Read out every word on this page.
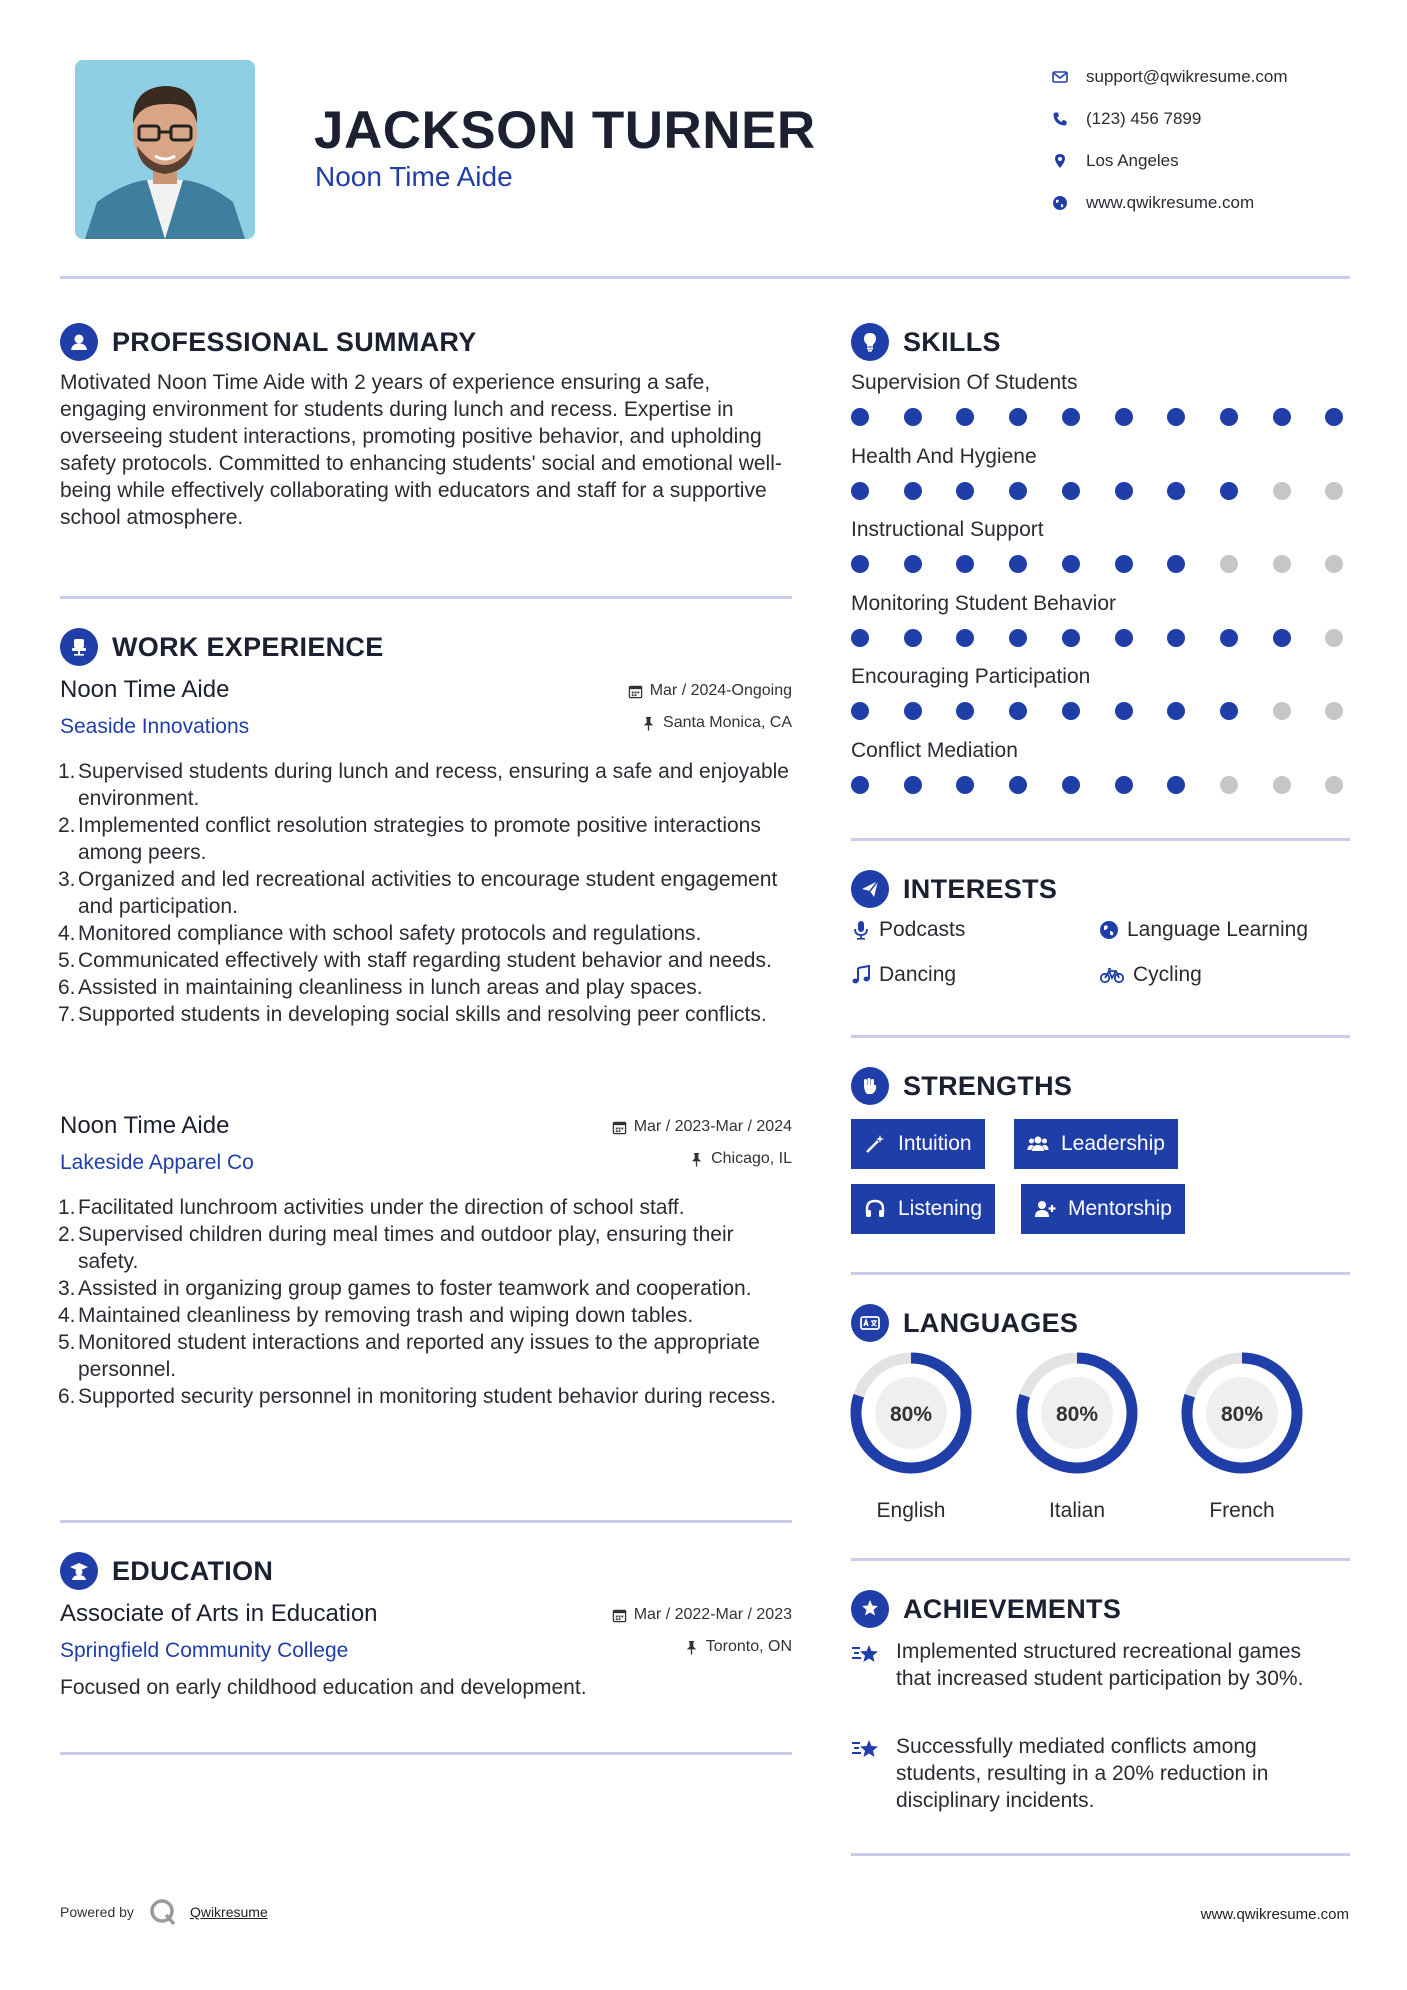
JACKSON TURNER
Noon Time Aide
support@qwikresume.com
(123) 456 7899
Los Angeles
www.qwikresume.com
PROFESSIONAL SUMMARY
Motivated Noon Time Aide with 2 years of experience ensuring a safe, engaging environment for students during lunch and recess. Expertise in overseeing student interactions, promoting positive behavior, and upholding safety protocols. Committed to enhancing students' social and emotional well-being while effectively collaborating with educators and staff for a supportive school atmosphere.
WORK EXPERIENCE
Noon Time Aide
Seaside Innovations
Mar / 2024-Ongoing
Santa Monica, CA
1. Supervised students during lunch and recess, ensuring a safe and enjoyable environment.
2. Implemented conflict resolution strategies to promote positive interactions among peers.
3. Organized and led recreational activities to encourage student engagement and participation.
4. Monitored compliance with school safety protocols and regulations.
5. Communicated effectively with staff regarding student behavior and needs.
6. Assisted in maintaining cleanliness in lunch areas and play spaces.
7. Supported students in developing social skills and resolving peer conflicts.
Noon Time Aide
Lakeside Apparel Co
Mar / 2023-Mar / 2024
Chicago, IL
1. Facilitated lunchroom activities under the direction of school staff.
2. Supervised children during meal times and outdoor play, ensuring their safety.
3. Assisted in organizing group games to foster teamwork and cooperation.
4. Maintained cleanliness by removing trash and wiping down tables.
5. Monitored student interactions and reported any issues to the appropriate personnel.
6. Supported security personnel in monitoring student behavior during recess.
EDUCATION
Associate of Arts in Education
Springfield Community College
Mar / 2022-Mar / 2023
Toronto, ON
Focused on early childhood education and development.
SKILLS
Supervision Of Students
Health And Hygiene
Instructional Support
Monitoring Student Behavior
Encouraging Participation
Conflict Mediation
INTERESTS
Podcasts	Language Learning
Dancing	Cycling
STRENGTHS
Intuition	Leadership
Listening	Mentorship
LANGUAGES
80%
English
80%
Italian
80%
French
ACHIEVEMENTS
Implemented structured recreational games that increased student participation by 30%.
Successfully mediated conflicts among students, resulting in a 20% reduction in disciplinary incidents.
Powered by	Qwikresume	www.qwikresume.com
